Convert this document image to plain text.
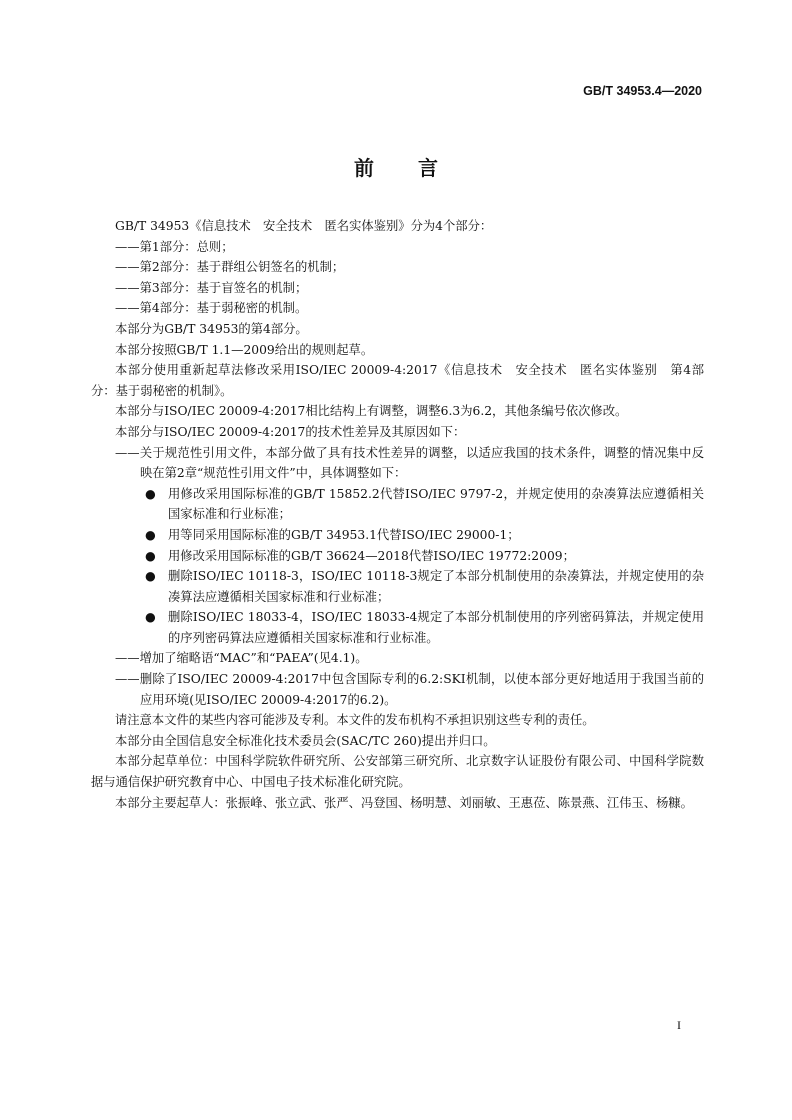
GB/T 34953.4—2020
前言

GB/T 34953《信息技术　安全技术　匿名实体鉴别》分为4个部分：

——第1部分：总则；

——第2部分：基于群组公钥签名的机制；

——第3部分：基于盲签名的机制；

——第4部分：基于弱秘密的机制。

本部分为GB/T 34953的第4部分。

本部分按照GB/T 1.1—2009给出的规则起草。

本部分使用重新起草法修改采用ISO/IEC 20009-4:2017《信息技术　安全技术　匿名实体鉴别　第4部分：基于弱秘密的机制》。

本部分与ISO/IEC 20009-4:2017相比结构上有调整，调整6.3为6.2，其他条编号依次修改。

本部分与ISO/IEC 20009-4:2017的技术性差异及其原因如下：

——关于规范性引用文件，本部分做了具有技术性差异的调整，以适应我国的技术条件，调整的情况集中反映在第2章“规范性引用文件”中，具体调整如下：

● 用修改采用国际标准的GB/T 15852.2代替ISO/IEC 9797-2，并规定使用的杂凑算法应遵循相关国家标准和行业标准；
● 用等同采用国际标准的GB/T 34953.1代替ISO/IEC 29000-1；
● 用修改采用国际标准的GB/T 36624—2018代替ISO/IEC 19772:2009；
● 删除ISO/IEC 10118-3，ISO/IEC 10118-3规定了本部分机制使用的杂凑算法，并规定使用的杂凑算法应遵循相关国家标准和行业标准；
● 删除ISO/IEC 18033-4，ISO/IEC 18033-4规定了本部分机制使用的序列密码算法，并规定使用的序列密码算法应遵循相关国家标准和行业标准。

——增加了缩略语“MAC”和“PAEA”(见4.1)。

——删除了ISO/IEC 20009-4:2017中包含国际专利的6.2:SKI机制，以使本部分更好地适用于我国当前的应用环境(见ISO/IEC 20009-4:2017的6.2)。

请注意本文件的某些内容可能涉及专利。本文件的发布机构不承担识别这些专利的责任。

本部分由全国信息安全标准化技术委员会(SAC/TC 260)提出并归口。

本部分起草单位：中国科学院软件研究所、公安部第三研究所、北京数字认证股份有限公司、中国科学院数据与通信保护研究教育中心、中国电子技术标准化研究院。

本部分主要起草人：张振峰、张立武、张严、冯登国、杨明慧、刘丽敏、王惠莅、陈景燕、江伟玉、杨糠。

I
